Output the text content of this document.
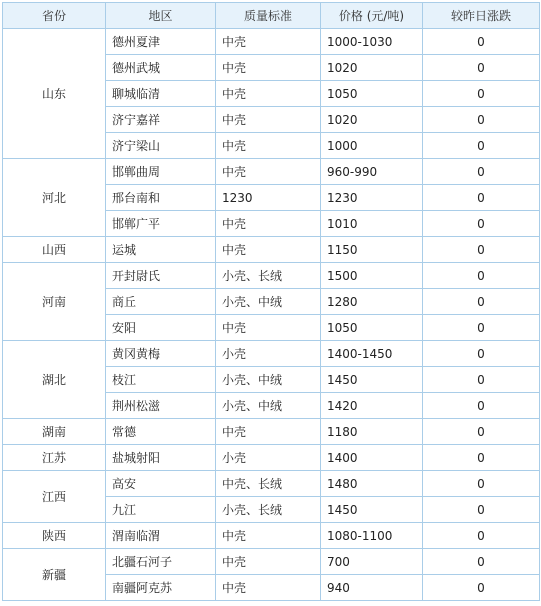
省份	地区	质量标准	价格 (元/吨)	较昨日涨跌
山东	德州夏津	中壳	1000-1030	0
	德州武城	中壳	1020	0
	聊城临清	中壳	1050	0
	济宁嘉祥	中壳	1020	0
	济宁梁山	中壳	1000	0
河北	邯郸曲周	中壳	960-990	0
	邢台南和	1230	1230	0
	邯郸广平	中壳	1010	0
山西	运城	中壳	1150	0
河南	开封尉氏	小壳、长绒	1500	0
	商丘	小壳、中绒	1280	0
	安阳	中壳	1050	0
湖北	黄冈黄梅	小壳	1400-1450	0
	枝江	小壳、中绒	1450	0
	荆州松滋	小壳、中绒	1420	0
湖南	常德	中壳	1180	0
江苏	盐城射阳	小壳	1400	0
江西	高安	中壳、长绒	1480	0
	九江	小壳、长绒	1450	0
陕西	渭南临渭	中壳	1080-1100	0
新疆	北疆石河子	中壳	700	0
	南疆阿克苏	中壳	940	0
